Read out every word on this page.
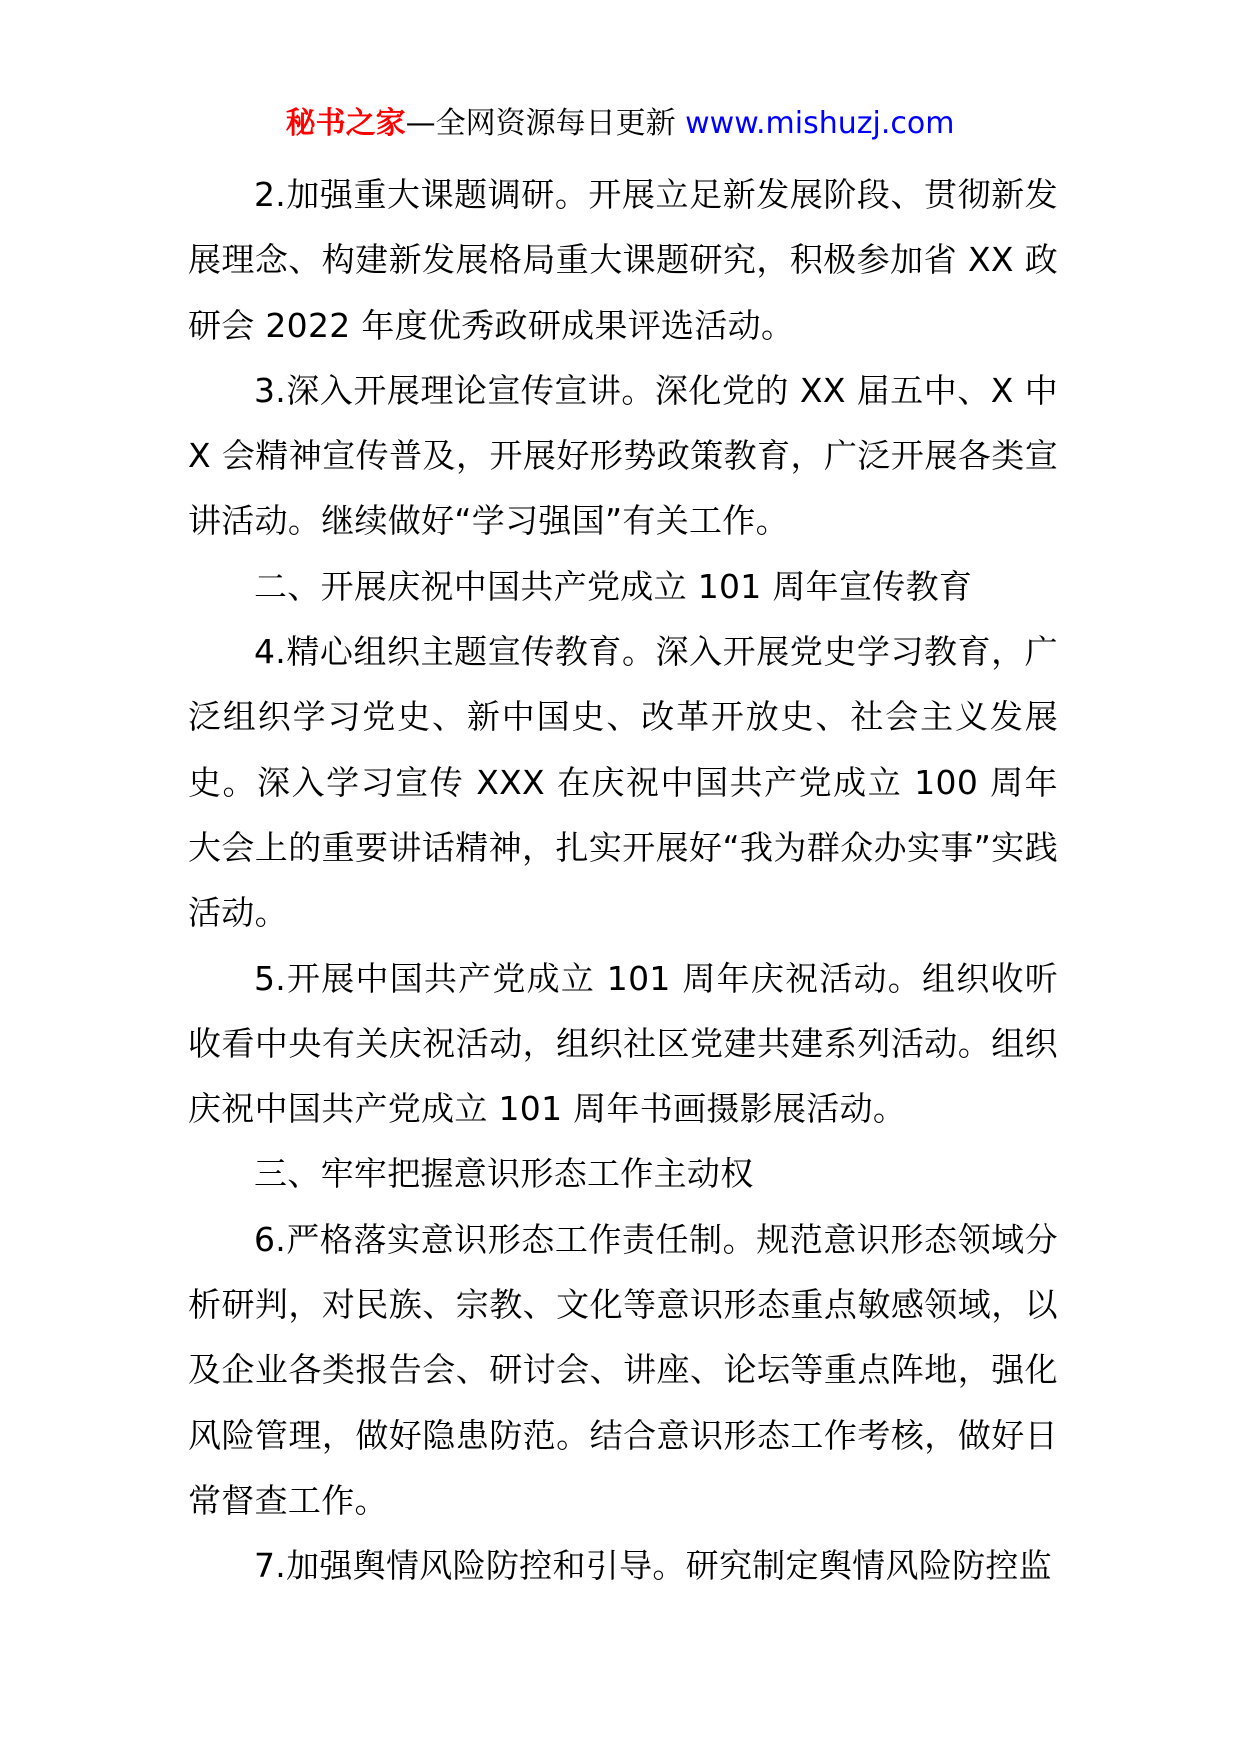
秘书之家—全网资源每日更新 www.mishuzj.com

2.加强重大课题调研。开展立足新发展阶段、贯彻新发展理念、构建新发展格局重大课题研究，积极参加省 XX 政研会 2022 年度优秀政研成果评选活动。

3.深入开展理论宣传宣讲。深化党的 XX 届五中、X 中 X 会精神宣传普及，开展好形势政策教育，广泛开展各类宣讲活动。继续做好“学习强国”有关工作。

二、开展庆祝中国共产党成立 101 周年宣传教育

4.精心组织主题宣传教育。深入开展党史学习教育，广泛组织学习党史、新中国史、改革开放史、社会主义发展史。深入学习宣传 XXX 在庆祝中国共产党成立 100 周年大会上的重要讲话精神，扎实开展好“我为群众办实事”实践活动。

5.开展中国共产党成立 101 周年庆祝活动。组织收听收看中央有关庆祝活动，组织社区党建共建系列活动。组织庆祝中国共产党成立 101 周年书画摄影展活动。

三、牢牢把握意识形态工作主动权

6.严格落实意识形态工作责任制。规范意识形态领域分析研判，对民族、宗教、文化等意识形态重点敏感领域，以及企业各类报告会、研讨会、讲座、论坛等重点阵地，强化风险管理，做好隐患防范。结合意识形态工作考核，做好日常督查工作。

7.加强舆情风险防控和引导。研究制定舆情风险防控监
